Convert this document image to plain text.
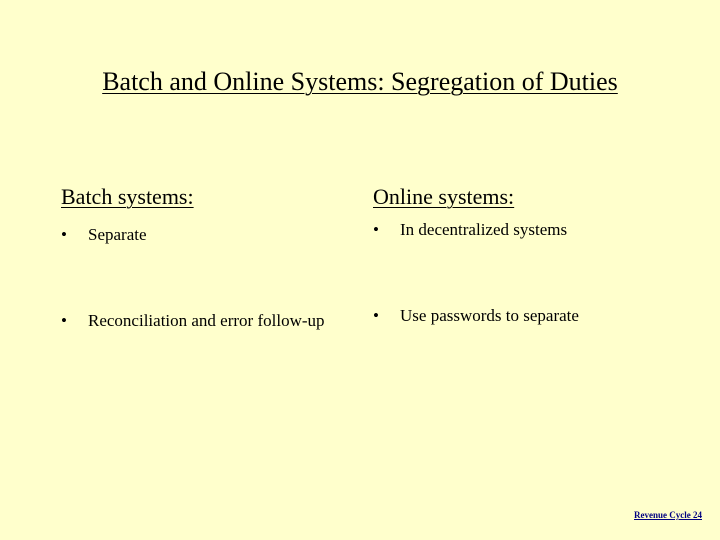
Batch and Online Systems: Segregation of Duties
Batch systems:	Online systems:
• Separate
• Reconciliation and error follow-up
• In decentralized systems
• Use passwords to separate
Revenue Cycle 24
